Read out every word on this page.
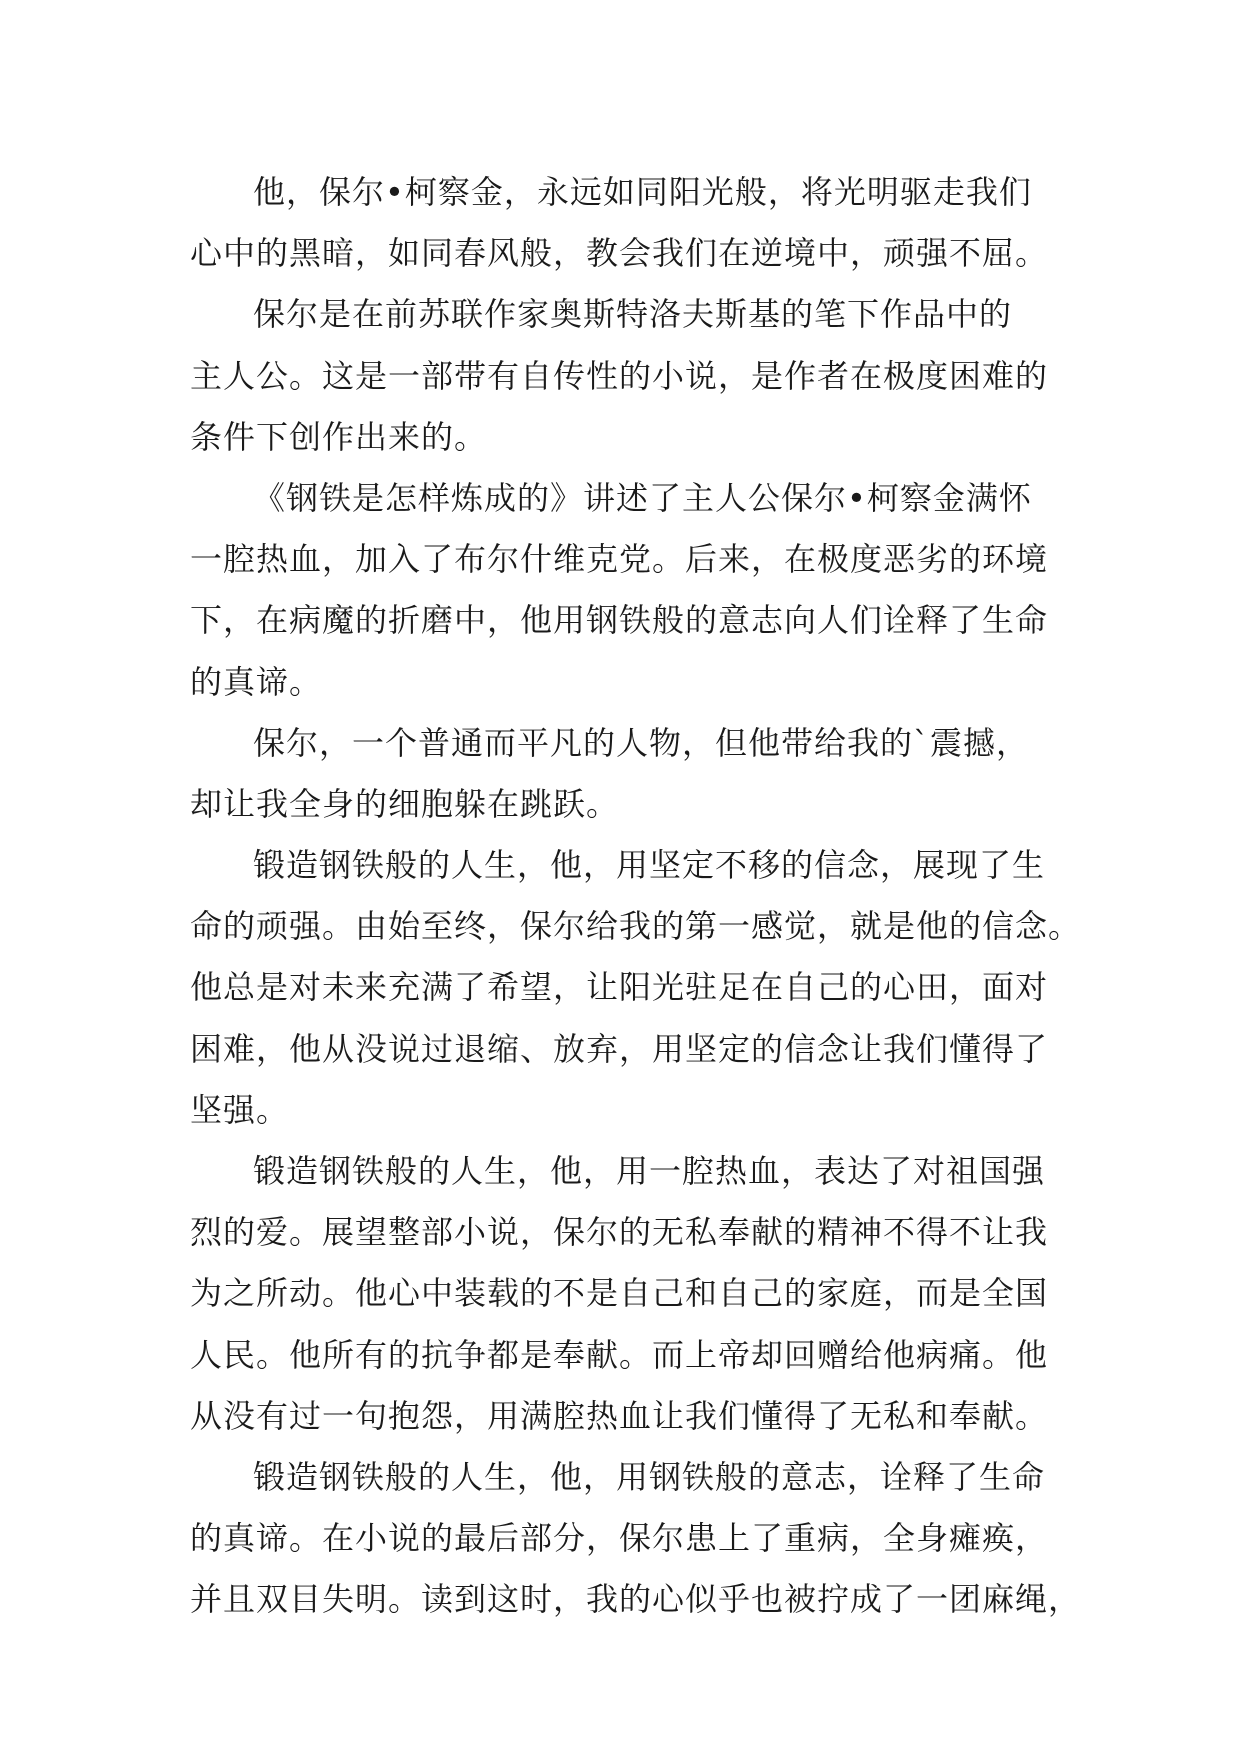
他，保尔•柯察金，永远如同阳光般，将光明驱走我们
心中的黑暗，如同春风般，教会我们在逆境中，顽强不屈。
保尔是在前苏联作家奥斯特洛夫斯基的笔下作品中的
主人公。这是一部带有自传性的小说，是作者在极度困难的
条件下创作出来的。
《钢铁是怎样炼成的》讲述了主人公保尔•柯察金满怀
一腔热血，加入了布尔什维克党。后来，在极度恶劣的环境
下，在病魔的折磨中，他用钢铁般的意志向人们诠释了生命
的真谛。
保尔，一个普通而平凡的人物，但他带给我的`震撼，
却让我全身的细胞躲在跳跃。
锻造钢铁般的人生，他，用坚定不移的信念，展现了生
命的顽强。由始至终，保尔给我的第一感觉，就是他的信念。
他总是对未来充满了希望，让阳光驻足在自己的心田，面对
困难，他从没说过退缩、放弃，用坚定的信念让我们懂得了
坚强。
锻造钢铁般的人生，他，用一腔热血，表达了对祖国强
烈的爱。展望整部小说，保尔的无私奉献的精神不得不让我
为之所动。他心中装载的不是自己和自己的家庭，而是全国
人民。他所有的抗争都是奉献。而上帝却回赠给他病痛。他
从没有过一句抱怨，用满腔热血让我们懂得了无私和奉献。
锻造钢铁般的人生，他，用钢铁般的意志，诠释了生命
的真谛。在小说的最后部分，保尔患上了重病，全身瘫痪，
并且双目失明。读到这时，我的心似乎也被拧成了一团麻绳，
